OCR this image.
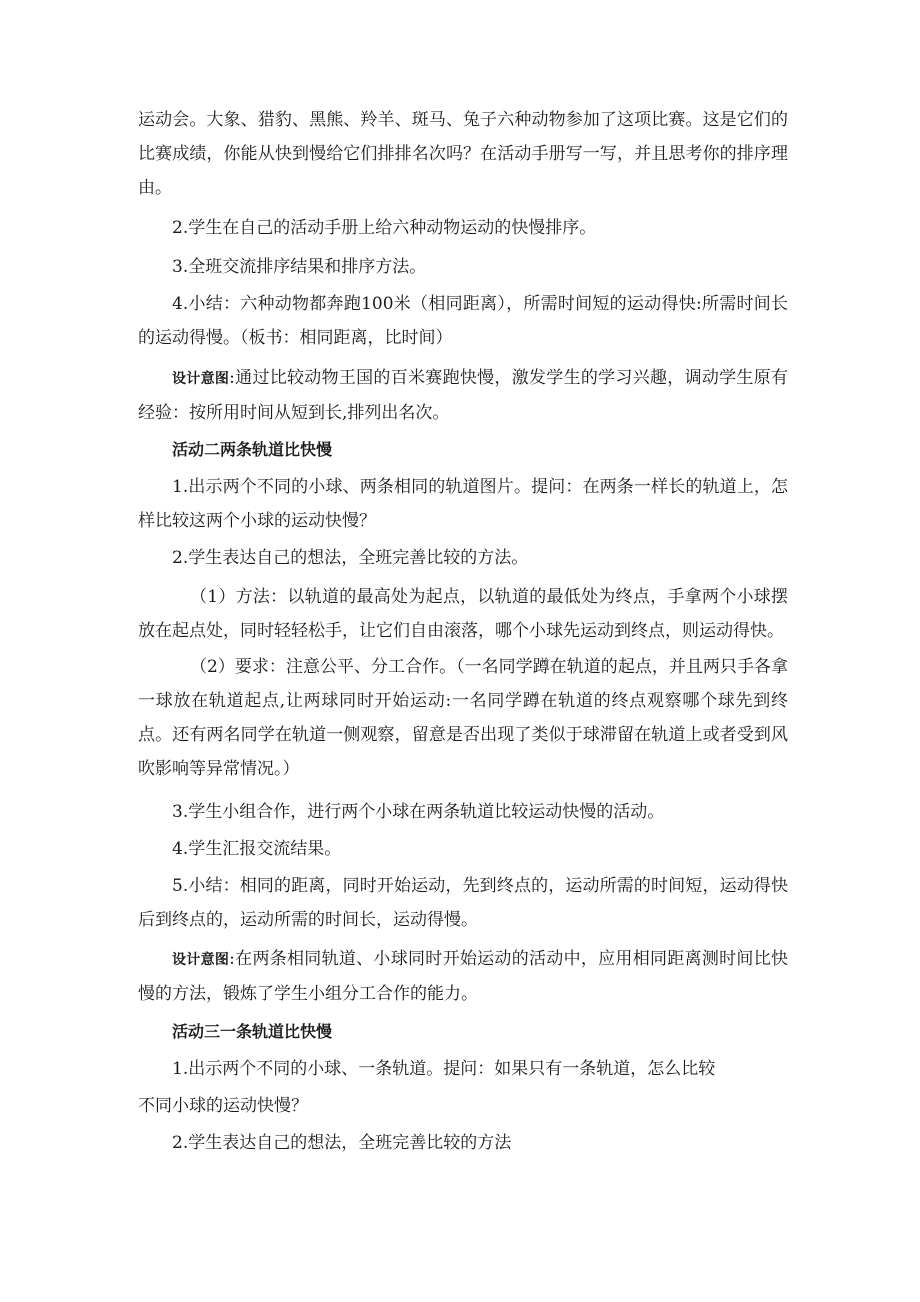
运动会。大象、猎豹、黑熊、羚羊、斑马、兔子六种动物参加了这项比赛。这是它们的比赛成绩，你能从快到慢给它们排排名次吗？在活动手册写一写，并且思考你的排序理由。

2.学生在自己的活动手册上给六种动物运动的快慢排序。

3.全班交流排序结果和排序方法。

4.小结：六种动物都奔跑100米（相同距离），所需时间短的运动得快:所需时间长的运动得慢。（板书：相同距离，比时间）

设计意图:通过比较动物王国的百米赛跑快慢，激发学生的学习兴趣，调动学生原有经验：按所用时间从短到长,排列出名次。

活动二两条轨道比快慢

1.出示两个不同的小球、两条相同的轨道图片。提问：在两条一样长的轨道上，怎样比较这两个小球的运动快慢？

2.学生表达自己的想法，全班完善比较的方法。

（1）方法：以轨道的最高处为起点，以轨道的最低处为终点，手拿两个小球摆放在起点处，同时轻轻松手，让它们自由滚落，哪个小球先运动到终点，则运动得快。

（2）要求：注意公平、分工合作。（一名同学蹲在轨道的起点，并且两只手各拿一球放在轨道起点,让两球同时开始运动:一名同学蹲在轨道的终点观察哪个球先到终点。还有两名同学在轨道一侧观察，留意是否出现了类似于球滞留在轨道上或者受到风吹影响等异常情况。）

3.学生小组合作，进行两个小球在两条轨道比较运动快慢的活动。

4.学生汇报交流结果。

5.小结：相同的距离，同时开始运动，先到终点的，运动所需的时间短，运动得快后到终点的，运动所需的时间长，运动得慢。

设计意图:在两条相同轨道、小球同时开始运动的活动中，应用相同距离测时间比快慢的方法，锻炼了学生小组分工合作的能力。

活动三一条轨道比快慢

1.出示两个不同的小球、一条轨道。提问：如果只有一条轨道，怎么比较

不同小球的运动快慢？

2.学生表达自己的想法，全班完善比较的方法
